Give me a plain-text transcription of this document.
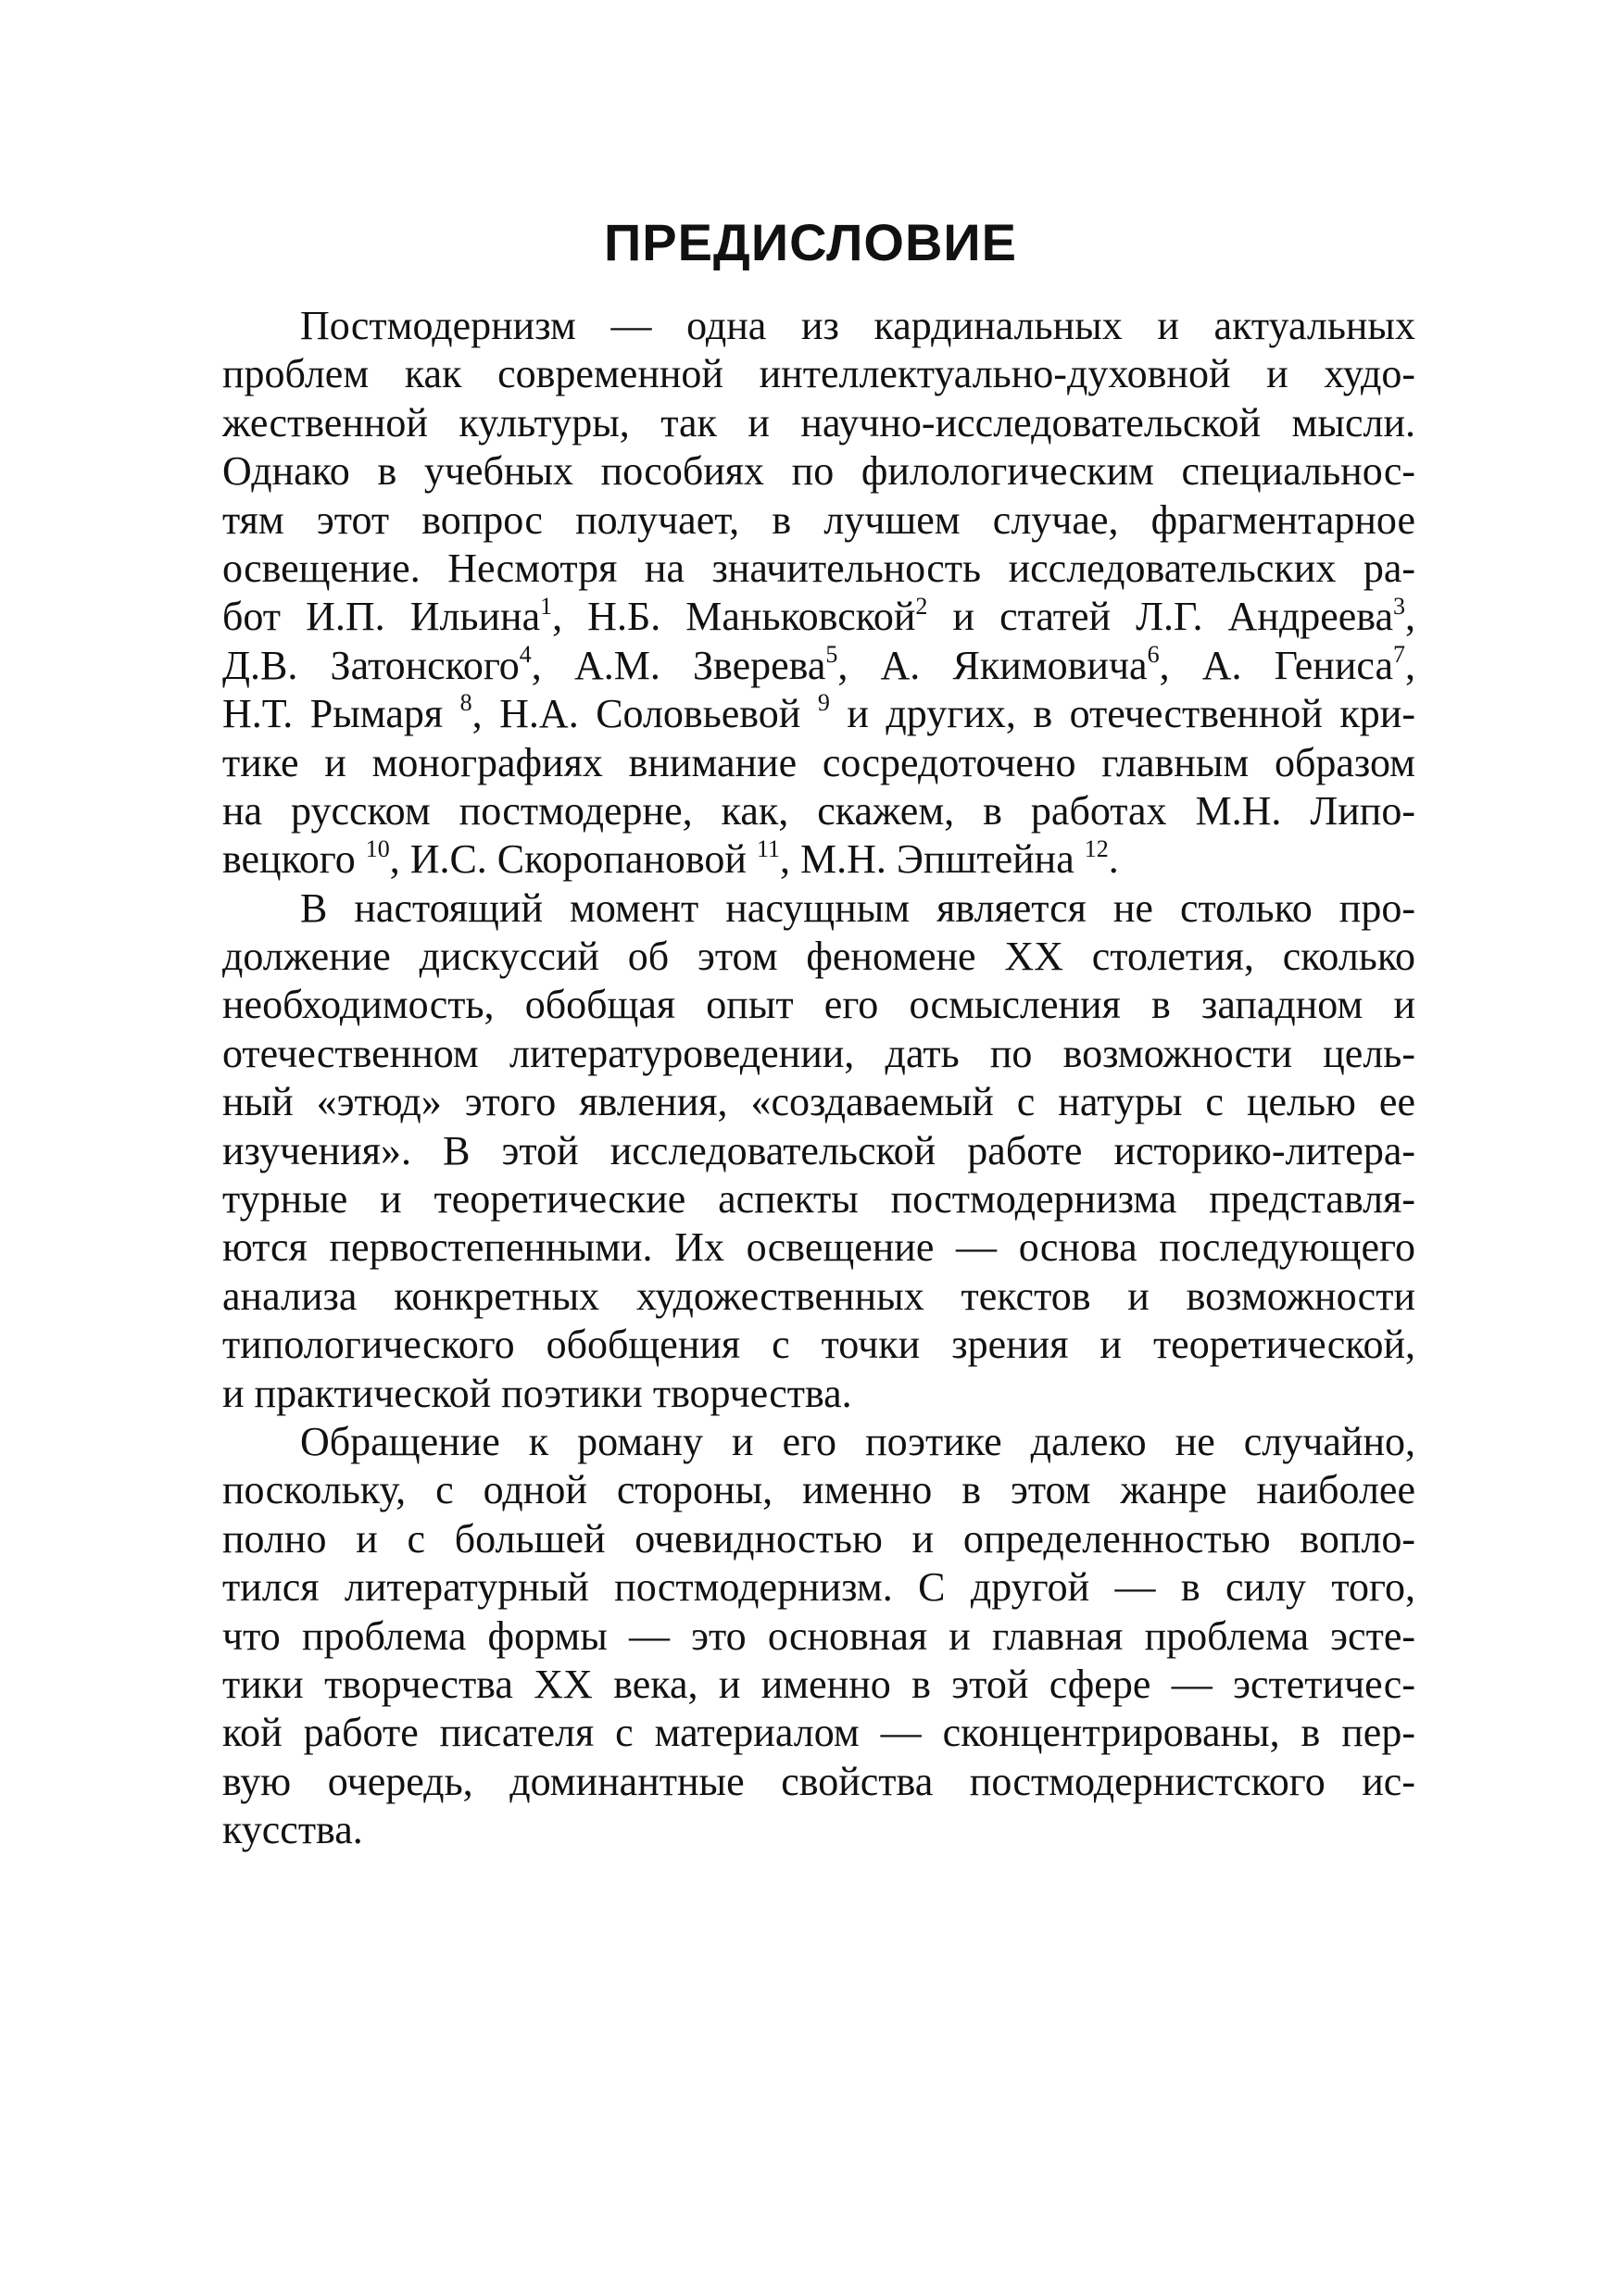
ПРЕДИСЛОВИЕ
Постмодернизм — одна из кардинальных и актуальных
проблем как современной интеллектуально-духовной и худо-
жественной культуры, так и научно-исследовательской мысли.
Однако в учебных пособиях по филологическим специальнос-
тям этот вопрос получает, в лучшем случае, фрагментарное
освещение. Несмотря на значительность исследовательских ра-
бот И.П. Ильина$^1$, Н.Б. Маньковской$^2$ и статей Л.Г. Андреева$^3$,
Д.В. Затонского$^4$, А.М. Зверева$^5$, А. Якимовича$^6$, А. Гениса$^7$,
Н.Т. Рымаря $^8$, Н.А. Соловьевой $^9$ и других, в отечественной кри-
тике и монографиях внимание сосредоточено главным образом
на русском постмодерне, как, скажем, в работах М.Н. Липо-
вецкого $^{10}$, И.С. Скоропановой $^{11}$, М.Н. Эпштейна $^{12}$.
В настоящий момент насущным является не столько про-
должение дискуссий об этом феномене XX столетия, сколько
необходимость, обобщая опыт его осмысления в западном и
отечественном литературоведении, дать по возможности цель-
ный «этюд» этого явления, «создаваемый с натуры с целью ее
изучения». В этой исследовательской работе историко-литера-
турные и теоретические аспекты постмодернизма представля-
ются первостепенными. Их освещение — основа последующего
анализа конкретных художественных текстов и возможности
типологического обобщения с точки зрения и теоретической,
и практической поэтики творчества.
Обращение к роману и его поэтике далеко не случайно,
поскольку, с одной стороны, именно в этом жанре наиболее
полно и с большей очевидностью и определенностью вопло-
тился литературный постмодернизм. С другой — в силу того,
что проблема формы — это основная и главная проблема эсте-
тики творчества XX века, и именно в этой сфере — эстетичес-
кой работе писателя с материалом — сконцентрированы, в пер-
вую очередь, доминантные свойства постмодернистского ис-
кусства.
